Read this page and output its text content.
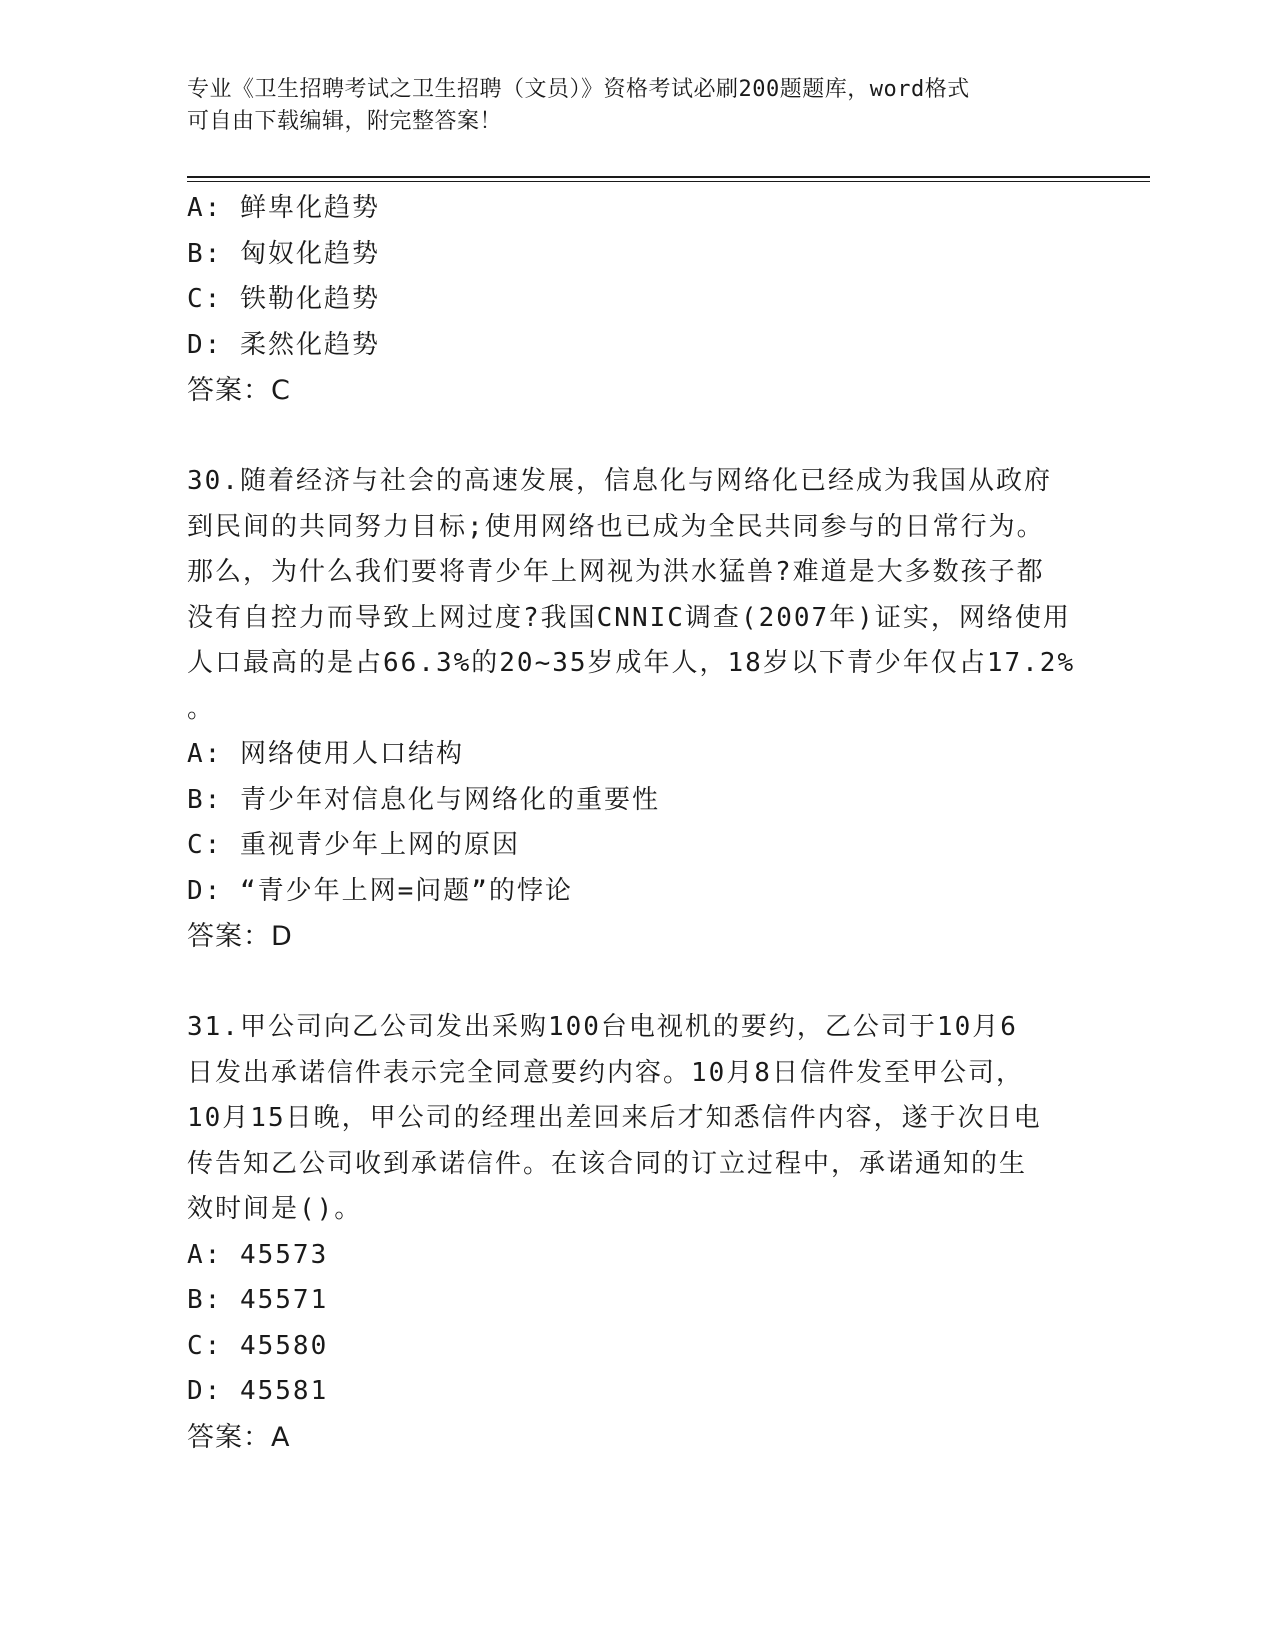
专业《卫生招聘考试之卫生招聘（文员）》资格考试必刷200题题库，word格式
可自由下载编辑，附完整答案！
A: 鲜卑化趋势
B: 匈奴化趋势
C: 铁勒化趋势
D: 柔然化趋势
答案：C
30.随着经济与社会的高速发展，信息化与网络化已经成为我国从政府
到民间的共同努力目标;使用网络也已成为全民共同参与的日常行为。
那么，为什么我们要将青少年上网视为洪水猛兽?难道是大多数孩子都
没有自控力而导致上网过度?我国CNNIC调查(2007年)证实，网络使用
人口最高的是占66.3%的20~35岁成年人，18岁以下青少年仅占17.2%
。
A: 网络使用人口结构
B: 青少年对信息化与网络化的重要性
C: 重视青少年上网的原因
D: “青少年上网=问题”的悖论
答案：D
31.甲公司向乙公司发出采购100台电视机的要约，乙公司于10月6
日发出承诺信件表示完全同意要约内容。10月8日信件发至甲公司，
10月15日晚，甲公司的经理出差回来后才知悉信件内容，遂于次日电
传告知乙公司收到承诺信件。在该合同的订立过程中，承诺通知的生
效时间是()。
A: 45573
B: 45571
C: 45580
D: 45581
答案：A
